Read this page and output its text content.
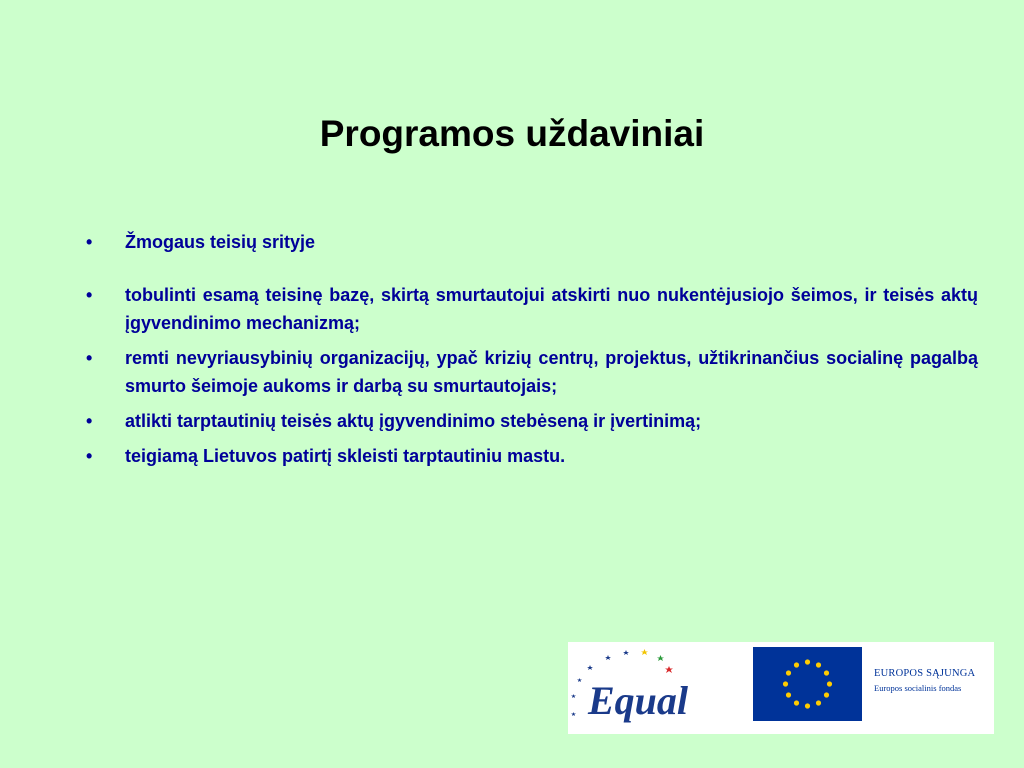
Programos uždaviniai
• Žmogaus teisių srityje
• tobulinti esamą teisinę bazę, skirtą smurtautojui atskirti nuo nukentėjusiojo šeimos, ir teisės aktų įgyvendinimo mechanizmą;
• remti nevyriausybinių organizacijų, ypač krizių centrų, projektus, užtikrinančius socialinę pagalbą smurto šeimoje aukoms ir darbą su smurtautojais;
• atlikti tarptautinių teisės aktų įgyvendinimo stebėseną ir įvertinimą;
• teigiamą Lietuvos patirtį skleisti tarptautiniu mastu.
Equal
EUROPOS SĄJUNGA
Europos socialinis fondas
